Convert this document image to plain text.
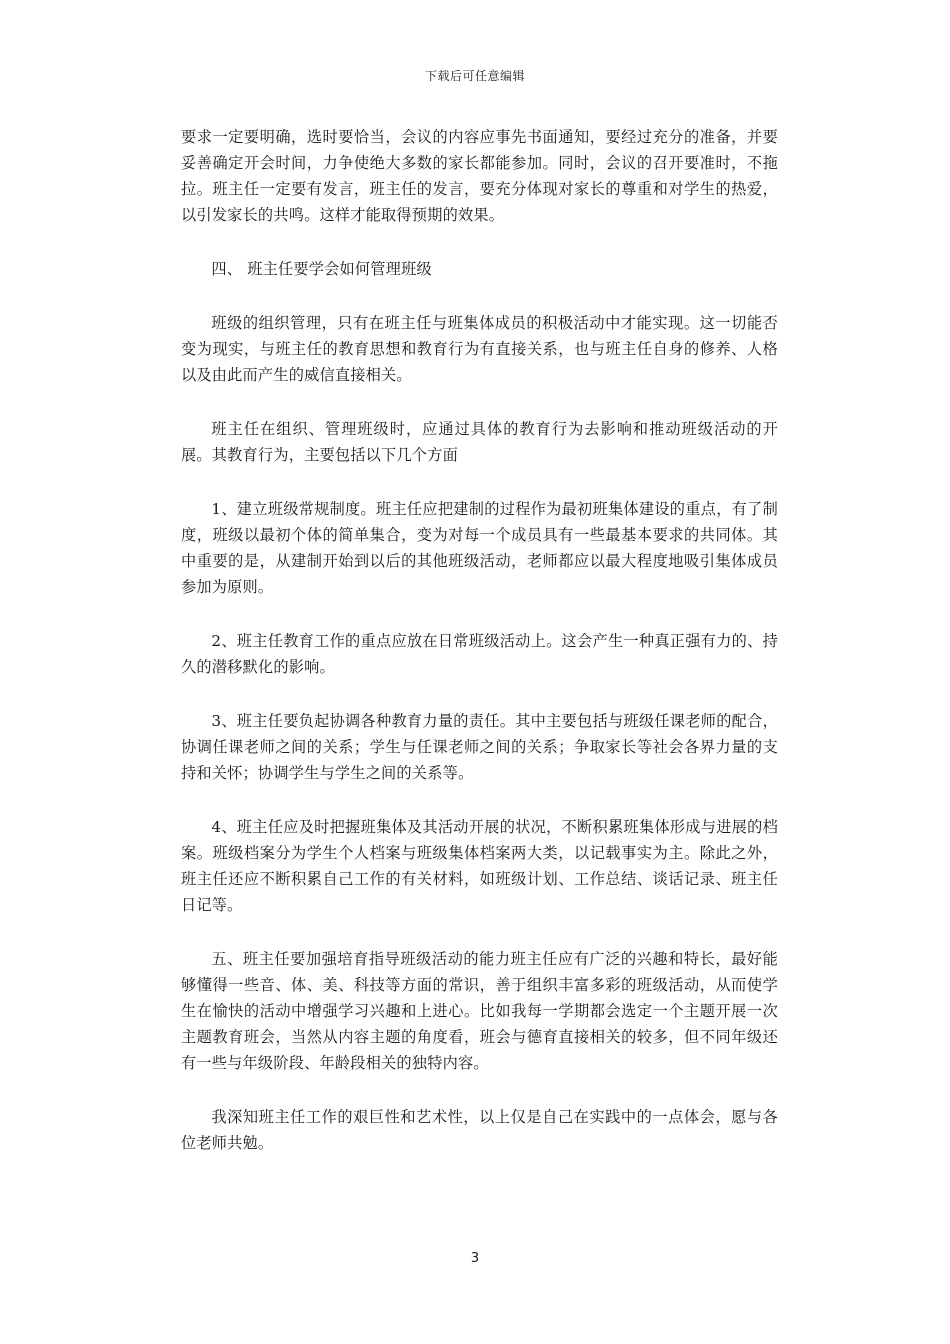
下载后可任意编辑

要求一定要明确，选时要恰当，会议的内容应事先书面通知，要经过充分的准备，并要妥善确定开会时间，力争使绝大多数的家长都能参加。同时，会议的召开要准时，不拖拉。班主任一定要有发言，班主任的发言，要充分体现对家长的尊重和对学生的热爱，以引发家长的共鸣。这样才能取得预期的效果。

四、 班主任要学会如何管理班级

班级的组织管理，只有在班主任与班集体成员的积极活动中才能实现。这一切能否变为现实，与班主任的教育思想和教育行为有直接关系，也与班主任自身的修养、人格以及由此而产生的威信直接相关。

班主任在组织、管理班级时，应通过具体的教育行为去影响和推动班级活动的开展。其教育行为，主要包括以下几个方面

1、建立班级常规制度。班主任应把建制的过程作为最初班集体建设的重点，有了制度，班级以最初个体的简单集合，变为对每一个成员具有一些最基本要求的共同体。其中重要的是，从建制开始到以后的其他班级活动，老师都应以最大程度地吸引集体成员参加为原则。

2、班主任教育工作的重点应放在日常班级活动上。这会产生一种真正强有力的、持久的潜移默化的影响。

3、班主任要负起协调各种教育力量的责任。其中主要包括与班级任课老师的配合，协调任课老师之间的关系；学生与任课老师之间的关系；争取家长等社会各界力量的支持和关怀；协调学生与学生之间的关系等。

4、班主任应及时把握班集体及其活动开展的状况，不断积累班集体形成与进展的档案。班级档案分为学生个人档案与班级集体档案两大类，以记载事实为主。除此之外，班主任还应不断积累自己工作的有关材料，如班级计划、工作总结、谈话记录、班主任日记等。

五、班主任要加强培育指导班级活动的能力班主任应有广泛的兴趣和特长，最好能够懂得一些音、体、美、科技等方面的常识，善于组织丰富多彩的班级活动，从而使学生在愉快的活动中增强学习兴趣和上进心。比如我每一学期都会选定一个主题开展一次主题教育班会，当然从内容主题的角度看，班会与德育直接相关的较多，但不同年级还有一些与年级阶段、年龄段相关的独特内容。

我深知班主任工作的艰巨性和艺术性，以上仅是自己在实践中的一点体会，愿与各位老师共勉。

3
